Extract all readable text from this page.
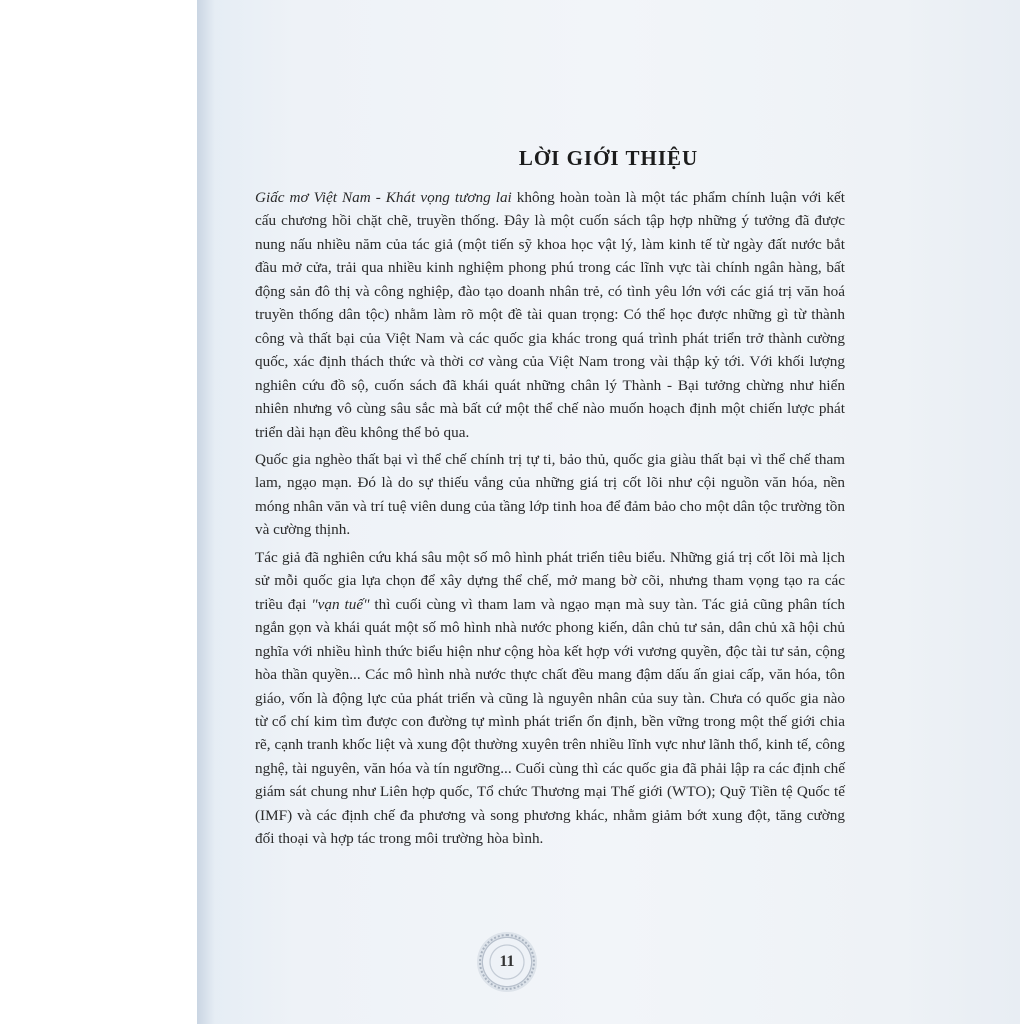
LỜI GIỚI THIỆU

Giấc mơ Việt Nam - Khát vọng tương lai không hoàn toàn là một tác phẩm chính luận với kết cấu chương hồi chặt chẽ, truyền thống. Đây là một cuốn sách tập hợp những ý tưởng đã được nung nấu nhiều năm của tác giả (một tiến sỹ khoa học vật lý, làm kinh tế từ ngày đất nước bắt đầu mở cửa, trải qua nhiều kinh nghiệm phong phú trong các lĩnh vực tài chính ngân hàng, bất động sản đô thị và công nghiệp, đào tạo doanh nhân trẻ, có tình yêu lớn với các giá trị văn hoá truyền thống dân tộc) nhằm làm rõ một đề tài quan trọng: Có thể học được những gì từ thành công và thất bại của Việt Nam và các quốc gia khác trong quá trình phát triển trở thành cường quốc, xác định thách thức và thời cơ vàng của Việt Nam trong vài thập kỷ tới. Với khối lượng nghiên cứu đồ sộ, cuốn sách đã khái quát những chân lý Thành - Bại tưởng chừng như hiển nhiên nhưng vô cùng sâu sắc mà bất cứ một thể chế nào muốn hoạch định một chiến lược phát triển dài hạn đều không thể bỏ qua.

Quốc gia nghèo thất bại vì thể chế chính trị tự ti, bảo thủ, quốc gia giàu thất bại vì thể chế tham lam, ngạo mạn. Đó là do sự thiếu vắng của những giá trị cốt lõi như cội nguồn văn hóa, nền móng nhân văn và trí tuệ viên dung của tầng lớp tinh hoa để đảm bảo cho một dân tộc trường tồn và cường thịnh.

Tác giả đã nghiên cứu khá sâu một số mô hình phát triển tiêu biểu. Những giá trị cốt lõi mà lịch sử mỗi quốc gia lựa chọn để xây dựng thể chế, mở mang bờ cõi, nhưng tham vọng tạo ra các triều đại "vạn tuế" thì cuối cùng vì tham lam và ngạo mạn mà suy tàn. Tác giả cũng phân tích ngắn gọn và khái quát một số mô hình nhà nước phong kiến, dân chủ tư sản, dân chủ xã hội chủ nghĩa với nhiều hình thức biểu hiện như cộng hòa kết hợp với vương quyền, độc tài tư sản, cộng hòa thần quyền... Các mô hình nhà nước thực chất đều mang đậm dấu ấn giai cấp, văn hóa, tôn giáo, vốn là động lực của phát triển và cũng là nguyên nhân của suy tàn. Chưa có quốc gia nào từ cổ chí kim tìm được con đường tự mình phát triển ổn định, bền vững trong một thế giới chia rẽ, cạnh tranh khốc liệt và xung đột thường xuyên trên nhiều lĩnh vực như lãnh thổ, kinh tế, công nghệ, tài nguyên, văn hóa và tín ngưỡng... Cuối cùng thì các quốc gia đã phải lập ra các định chế giám sát chung như Liên hợp quốc, Tổ chức Thương mại Thế giới (WTO); Quỹ Tiền tệ Quốc tế (IMF) và các định chế đa phương và song phương khác, nhằm giảm bớt xung đột, tăng cường đối thoại và hợp tác trong môi trường hòa bình.

11
